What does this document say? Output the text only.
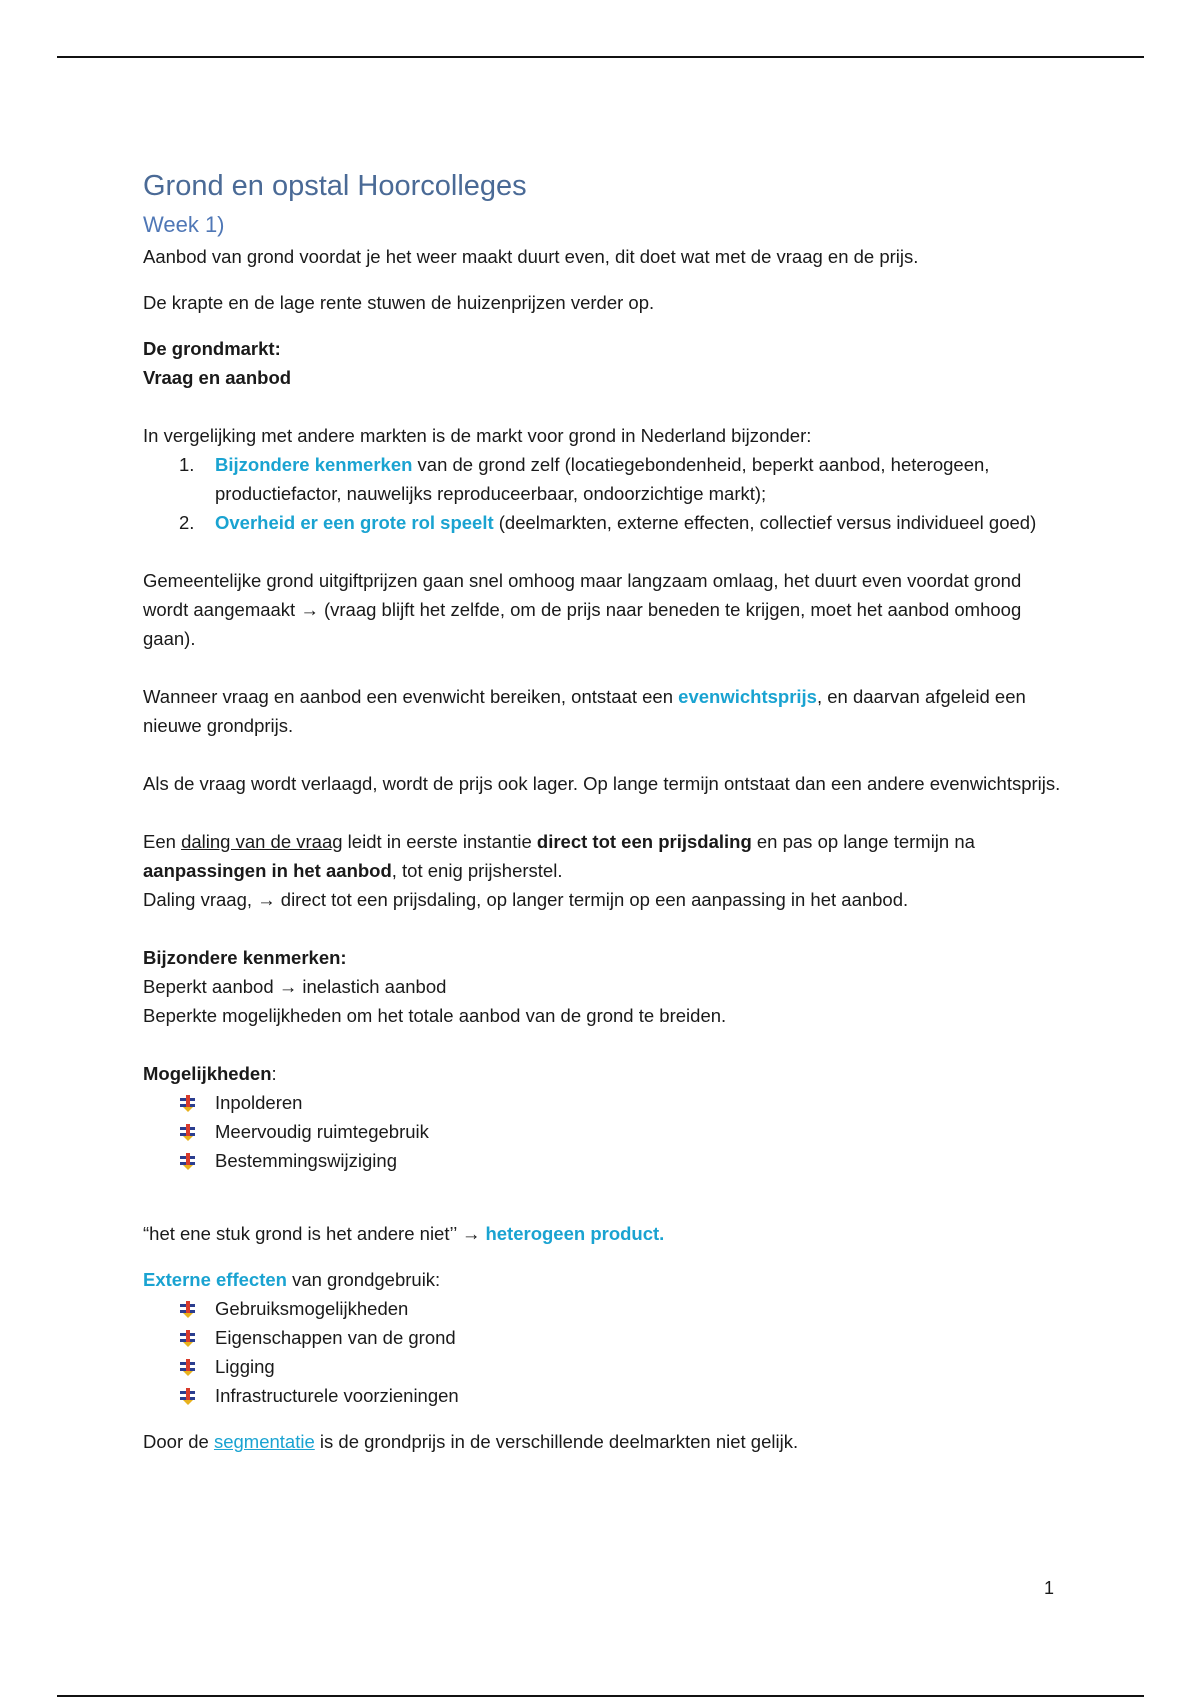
Grond en opstal Hoorcolleges
Week 1)

Aanbod van grond voordat je het weer maakt duurt even, dit doet wat met de vraag en de prijs.

De krapte en de lage rente stuwen de huizenprijzen verder op.

De grondmarkt:

Vraag en aanbod

In vergelijking met andere markten is de markt voor grond in Nederland bijzonder:

1. Bijzondere kenmerken van de grond zelf (locatiegebondenheid, beperkt aanbod, heterogeen, productiefactor, nauwelijks reproduceerbaar, ondoorzichtige markt);
2. Overheid er een grote rol speelt (deelmarkten, externe effecten, collectief versus individueel goed)

Gemeentelijke grond uitgiftprijzen gaan snel omhoog maar langzaam omlaag, het duurt even voordat grond wordt aangemaakt → (vraag blijft het zelfde, om de prijs naar beneden te krijgen, moet het aanbod omhoog gaan).

Wanneer vraag en aanbod een evenwicht bereiken, ontstaat een evenwichtsprijs, en daarvan afgeleid een nieuwe grondprijs.

Als de vraag wordt verlaagd, wordt de prijs ook lager. Op lange termijn ontstaat dan een andere evenwichtsprijs.

Een daling van de vraag leidt in eerste instantie direct tot een prijsdaling en pas op lange termijn na aanpassingen in het aanbod, tot enig prijsherstel.

Daling vraag, → direct tot een prijsdaling, op langer termijn op een aanpassing in het aanbod.

Bijzondere kenmerken:

Beperkt aanbod → inelastich aanbod

Beperkte mogelijkheden om het totale aanbod van de grond te breiden.

Mogelijkheden:

Inpolderen
Meervoudig ruimtegebruik
Bestemmingswijziging

“het ene stuk grond is het andere niet’’ → heterogeen product.

Externe effecten van grondgebruik:

Gebruiksmogelijkheden
Eigenschappen van de grond
Ligging
Infrastructurele voorzieningen

Door de segmentatie is de grondprijs in de verschillende deelmarkten niet gelijk.

1
